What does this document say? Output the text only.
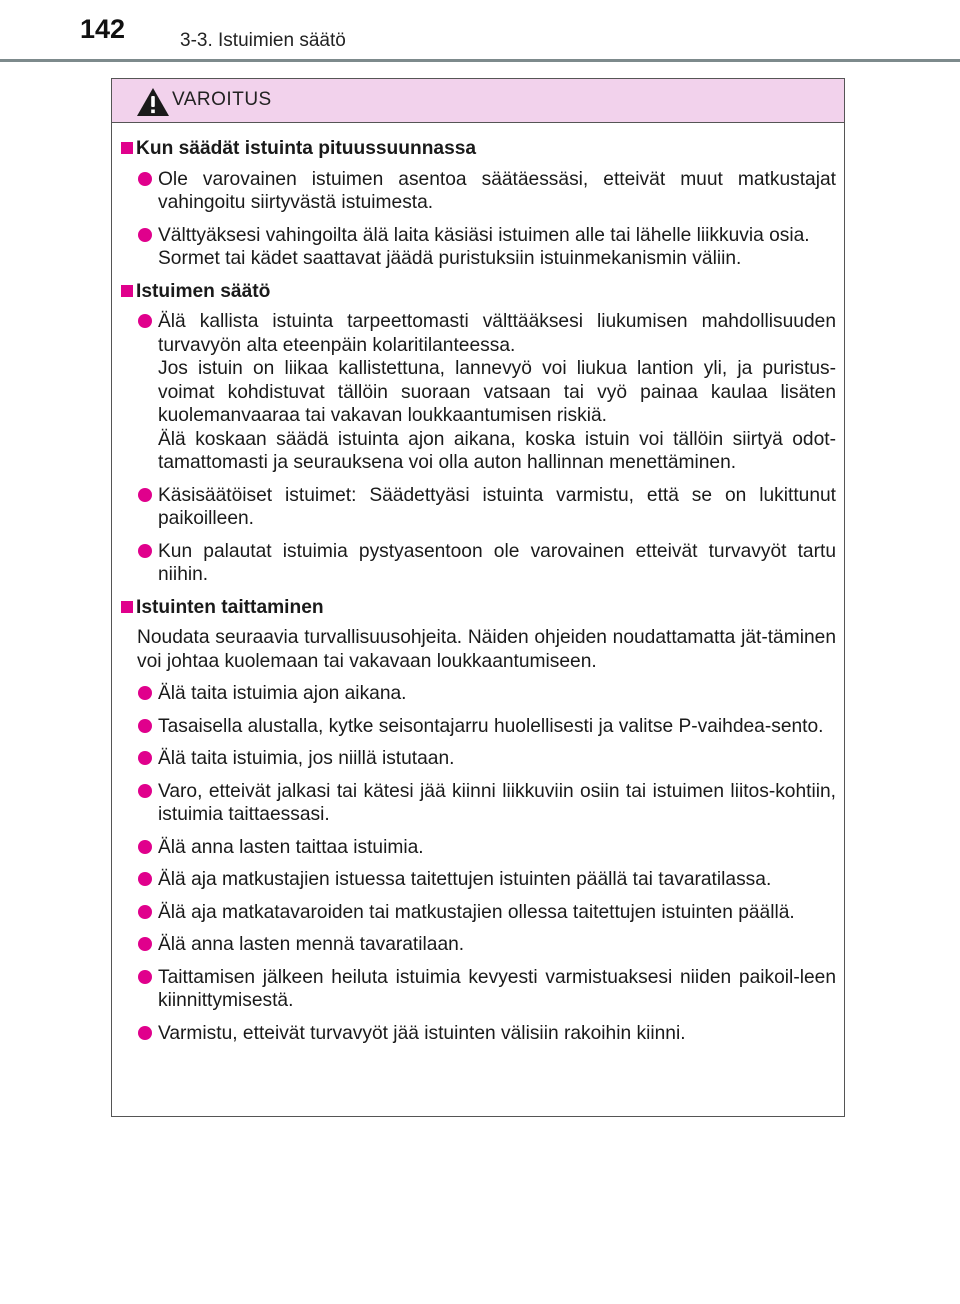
142	3-3. Istuimien säätö
VAROITUS
Kun säädät istuinta pituussuunnassa

Ole varovainen istuimen asentoa säätäessäsi, etteivät muut matkustajat vahingoitu siirtyvästä istuimesta.

Välttyäksesi vahingoilta älä laita käsiäsi istuimen alle tai lähelle liikkuvia osia.

Sormet tai kädet saattavat jäädä puristuksiin istuinmekanismin väliin.

Istuimen säätö

Älä kallista istuinta tarpeettomasti välttääksesi liukumisen mahdollisuuden turvavyön alta eteenpäin kolaritilanteessa.

Jos istuin on liikaa kallistettuna, lannevyö voi liukua lantion yli, ja puristus-voimat kohdistuvat tällöin suoraan vatsaan tai vyö painaa kaulaa lisäten kuolemanvaaraa tai vakavan loukkaantumisen riskiä.

Älä koskaan säädä istuinta ajon aikana, koska istuin voi tällöin siirtyä odot-tamattomasti ja seurauksena voi olla auton hallinnan menettäminen.

Käsisäätöiset istuimet: Säädettyäsi istuinta varmistu, että se on lukittunut paikoilleen.

Kun palautat istuimia pystyasentoon ole varovainen etteivät turvavyöt tartu niihin.

Istuinten taittaminen
Noudata seuraavia turvallisuusohjeita. Näiden ohjeiden noudattamatta jät-täminen voi johtaa kuolemaan tai vakavaan loukkaantumiseen.

Älä taita istuimia ajon aikana.

Tasaisella alustalla, kytke seisontajarru huolellisesti ja valitse P-vaihdea-sento.

Älä taita istuimia, jos niillä istutaan.

Varo, etteivät jalkasi tai kätesi jää kiinni liikkuviin osiin tai istuimen liitos-kohtiin, istuimia taittaessasi.

Älä anna lasten taittaa istuimia.

Älä aja matkustajien istuessa taitettujen istuinten päällä tai tavaratilassa.

Älä aja matkatavaroiden tai matkustajien ollessa taitettujen istuinten päällä.

Älä anna lasten mennä tavaratilaan.

Taittamisen jälkeen heiluta istuimia kevyesti varmistuaksesi niiden paikoil-leen kiinnittymisestä.

Varmistu, etteivät turvavyöt jää istuinten välisiin rakoihin kiinni.
